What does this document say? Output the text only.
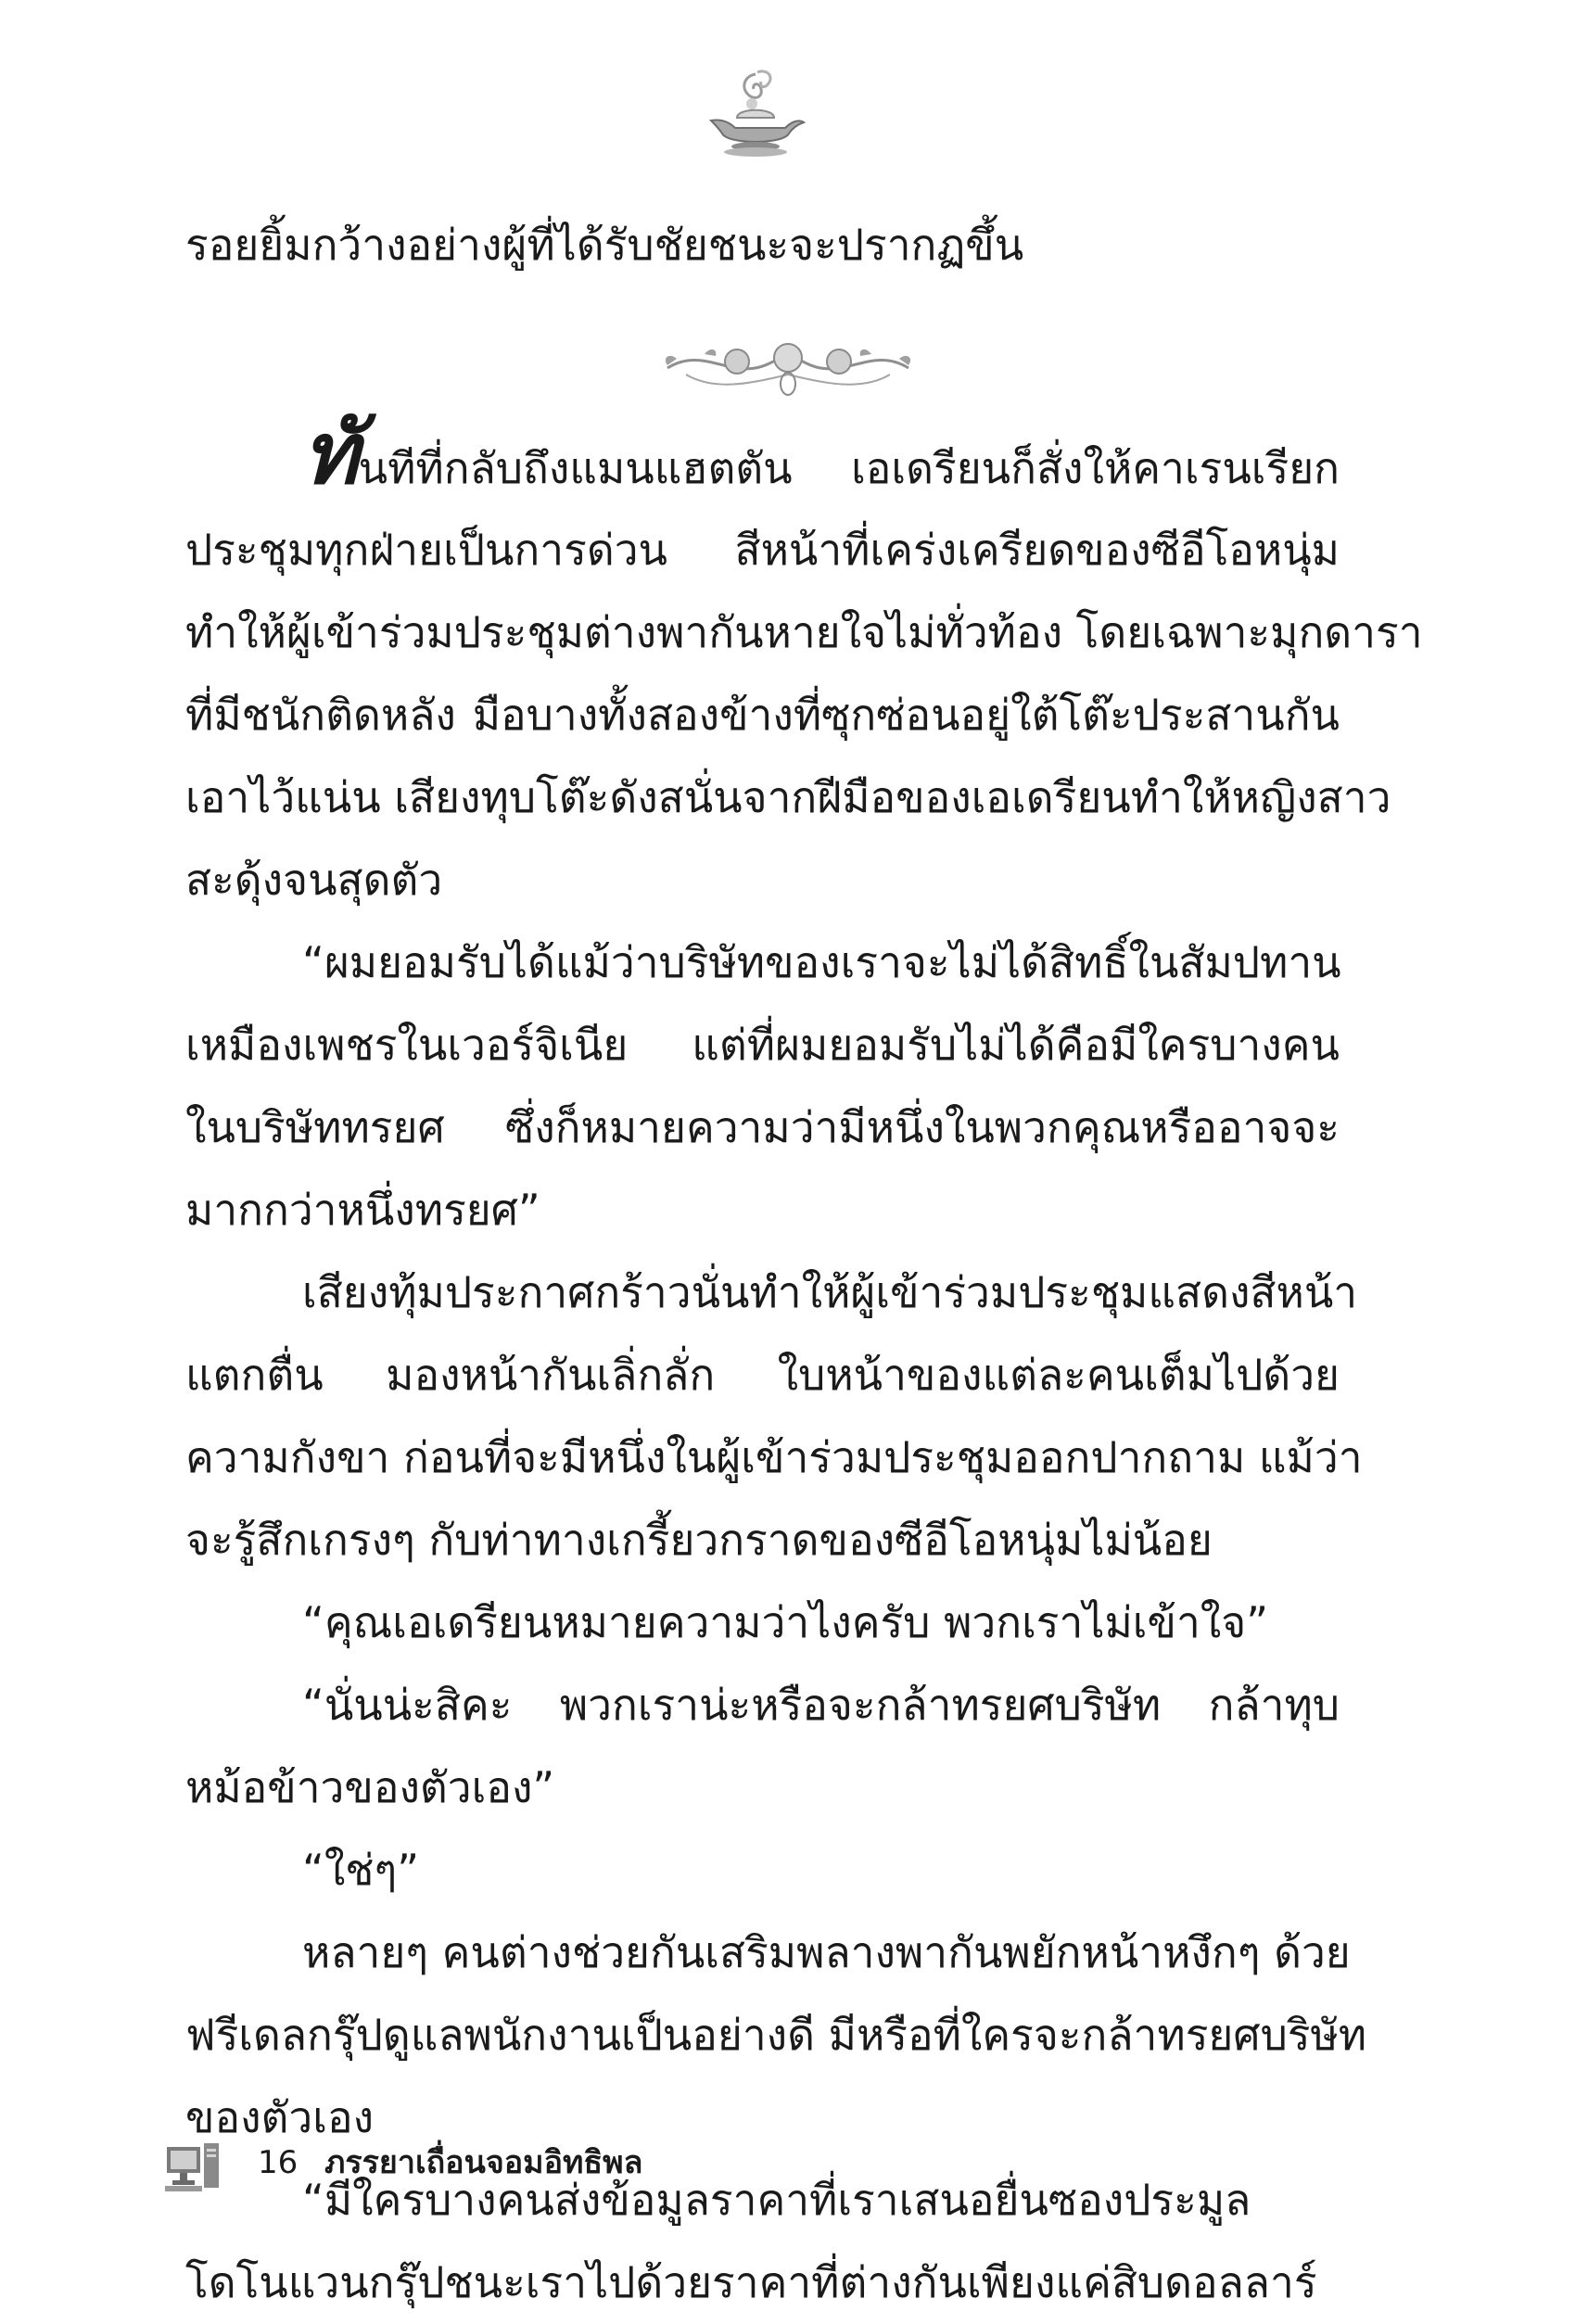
รอยยิ้มกว้างอย่างผู้ที่ได้รับชัยชนะจะปรากฏขึ้น
ทันทีที่กลับถึงแมนแฮตตัน เอเดรียนก็สั่งให้คาเรนเรียก
ประชุมทุกฝ่ายเป็นการด่วน สีหน้าที่เคร่งเครียดของซีอีโอหนุ่ม
ทำให้ผู้เข้าร่วมประชุมต่างพากันหายใจไม่ทั่วท้อง โดยเฉพาะมุกดารา
ที่มีชนักติดหลัง มือบางทั้งสองข้างที่ซุกซ่อนอยู่ใต้โต๊ะประสานกัน
เอาไว้แน่น เสียงทุบโต๊ะดังสนั่นจากฝีมือของเอเดรียนทำให้หญิงสาว
สะดุ้งจนสุดตัว
“ผมยอมรับได้แม้ว่าบริษัทของเราจะไม่ได้สิทธิ์ในสัมปทาน
เหมืองเพชรในเวอร์จิเนีย แต่ที่ผมยอมรับไม่ได้คือมีใครบางคน
ในบริษัททรยศ ซึ่งก็หมายความว่ามีหนึ่งในพวกคุณหรืออาจจะ
มากกว่าหนึ่งทรยศ”
เสียงทุ้มประกาศกร้าวนั่นทำให้ผู้เข้าร่วมประชุมแสดงสีหน้า
แตกตื่น มองหน้ากันเลิ่กลั่ก ใบหน้าของแต่ละคนเต็มไปด้วย
ความกังขา ก่อนที่จะมีหนึ่งในผู้เข้าร่วมประชุมออกปากถาม แม้ว่า
จะรู้สึกเกรงๆ กับท่าทางเกรี้ยวกราดของซีอีโอหนุ่มไม่น้อย
“คุณเอเดรียนหมายความว่าไงครับ พวกเราไม่เข้าใจ”
“นั่นน่ะสิคะ พวกเราน่ะหรือจะกล้าทรยศบริษัท กล้าทุบ
หม้อข้าวของตัวเอง”
“ใช่ๆ”
หลายๆ คนต่างช่วยกันเสริมพลางพากันพยักหน้าหงึกๆ ด้วย
ฟรีเดลกรุ๊ปดูแลพนักงานเป็นอย่างดี มีหรือที่ใครจะกล้าทรยศบริษัท
ของตัวเอง
“มีใครบางคนส่งข้อมูลราคาที่เราเสนอยื่นซองประมูล
โดโนแวนกรุ๊ปชนะเราไปด้วยราคาที่ต่างกันเพียงแค่สิบดอลลาร์
16 ภรรยาเถื่อนจอมอิทธิพล
